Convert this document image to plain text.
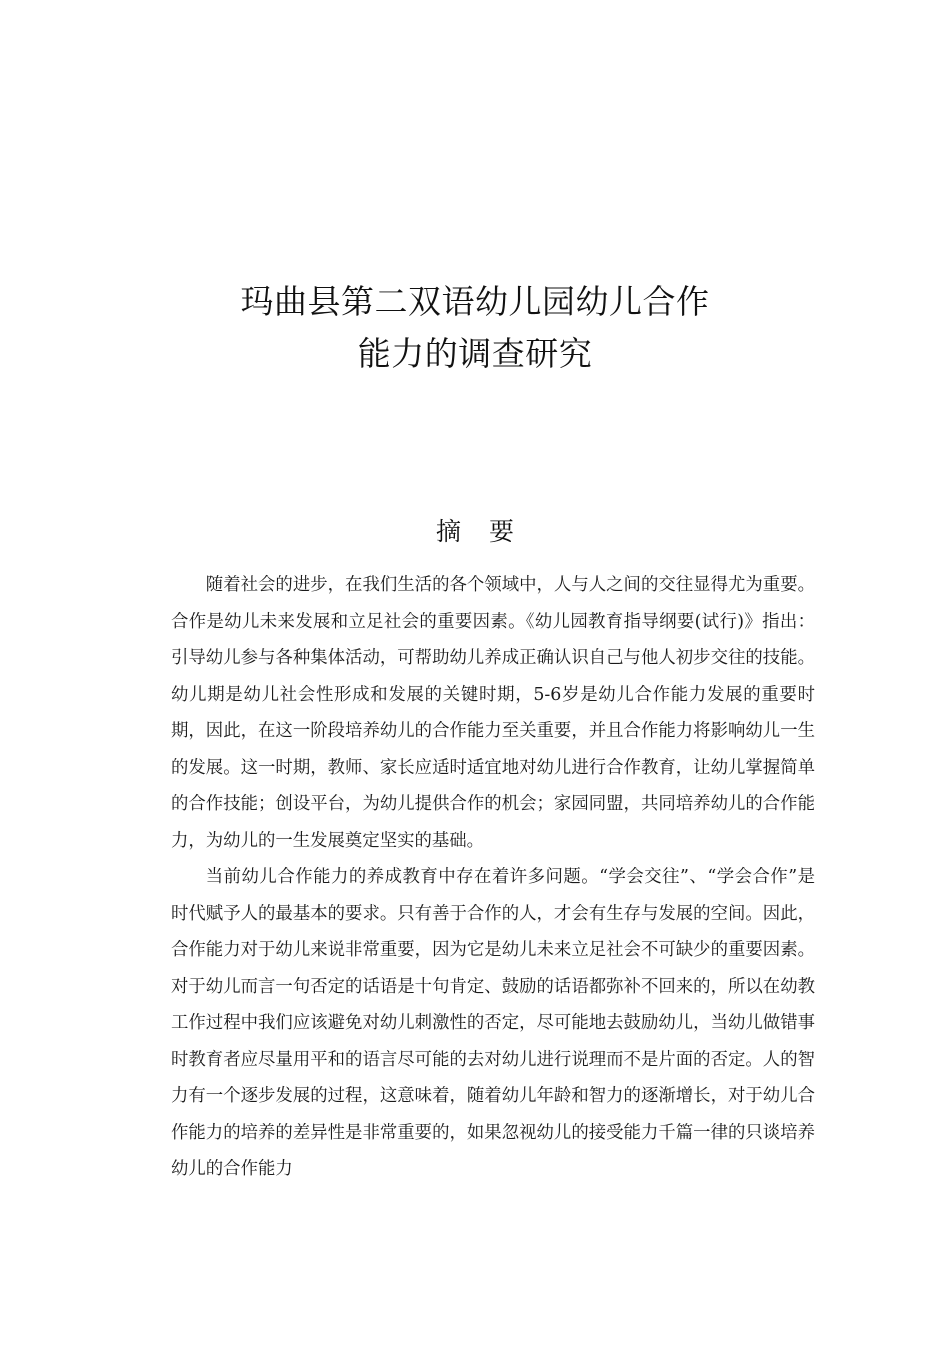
玛曲县第二双语幼儿园幼儿合作
能力的调查研究
摘要

随着社会的进步，在我们生活的各个领域中，人与人之间的交往显得尤为重要。合作是幼儿未来发展和立足社会的重要因素。《幼儿园教育指导纲要(试行)》指出：引导幼儿参与各种集体活动，可帮助幼儿养成正确认识自己与他人初步交往的技能。幼儿期是幼儿社会性形成和发展的关键时期，5-6岁是幼儿合作能力发展的重要时期，因此，在这一阶段培养幼儿的合作能力至关重要，并且合作能力将影响幼儿一生的发展。这一时期，教师、家长应适时适宜地对幼儿进行合作教育，让幼儿掌握简单的合作技能；创设平台，为幼儿提供合作的机会；家园同盟，共同培养幼儿的合作能力，为幼儿的一生发展奠定坚实的基础。

当前幼儿合作能力的养成教育中存在着许多问题。“学会交往”、“学会合作”是时代赋予人的最基本的要求。只有善于合作的人，才会有生存与发展的空间。因此，合作能力对于幼儿来说非常重要，因为它是幼儿未来立足社会不可缺少的重要因素。对于幼儿而言一句否定的话语是十句肯定、鼓励的话语都弥补不回来的，所以在幼教工作过程中我们应该避免对幼儿刺激性的否定，尽可能地去鼓励幼儿，当幼儿做错事时教育者应尽量用平和的语言尽可能的去对幼儿进行说理而不是片面的否定。人的智力有一个逐步发展的过程，这意味着，随着幼儿年龄和智力的逐渐增长，对于幼儿合作能力的培养的差异性是非常重要的，如果忽视幼儿的接受能力千篇一律的只谈培养幼儿的合作能力
